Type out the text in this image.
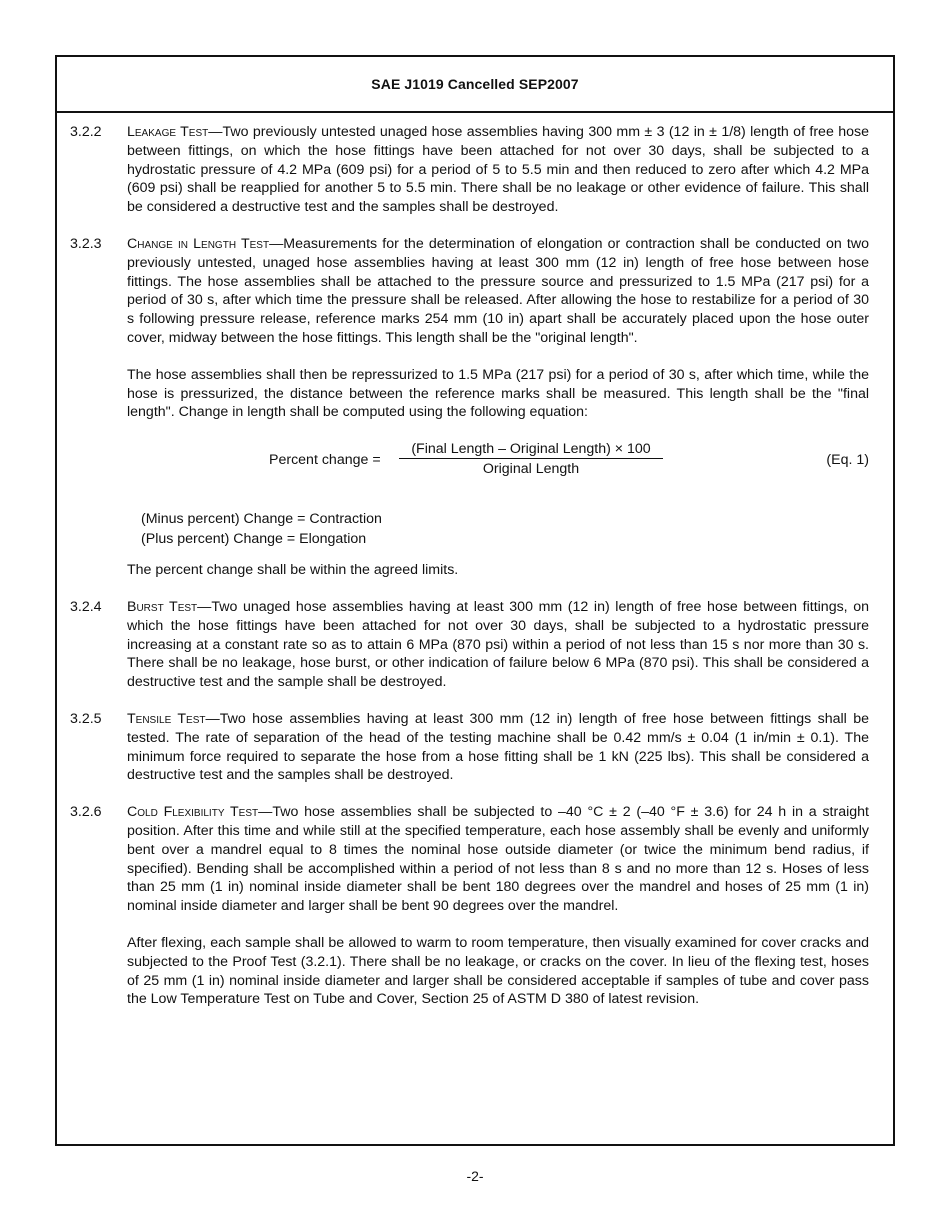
SAE J1019 Cancelled SEP2007
3.2.2	Leakage Test—Two previously untested unaged hose assemblies having 300 mm ± 3 (12 in ± 1/8) length of free hose between fittings, on which the hose fittings have been attached for not over 30 days, shall be subjected to a hydrostatic pressure of 4.2 MPa (609 psi) for a period of 5 to 5.5 min and then reduced to zero after which 4.2 MPa (609 psi) shall be reapplied for another 5 to 5.5 min. There shall be no leakage or other evidence of failure. This shall be considered a destructive test and the samples shall be destroyed.

3.2.3	Change in Length Test—Measurements for the determination of elongation or contraction shall be conducted on two previously untested, unaged hose assemblies having at least 300 mm (12 in) length of free hose between hose fittings. The hose assemblies shall be attached to the pressure source and pressurized to 1.5 MPa (217 psi) for a period of 30 s, after which time the pressure shall be released. After allowing the hose to restabilize for a period of 30 s following pressure release, reference marks 254 mm (10 in) apart shall be accurately placed upon the hose outer cover, midway between the hose fittings. This length shall be the "original length".

The hose assemblies shall then be repressurized to 1.5 MPa (217 psi) for a period of 30 s, after which time, while the hose is pressurized, the distance between the reference marks shall be measured. This length shall be the "final length". Change in length shall be computed using the following equation:

Percent change =
(Final Length – Original Length) × 100
Original Length
(Eq. 1)
(Minus percent) Change = Contraction
(Plus percent) Change = Elongation

The percent change shall be within the agreed limits.

3.2.4	Burst Test—Two unaged hose assemblies having at least 300 mm (12 in) length of free hose between fittings, on which the hose fittings have been attached for not over 30 days, shall be subjected to a hydrostatic pressure increasing at a constant rate so as to attain 6 MPa (870 psi) within a period of not less than 15 s nor more than 30 s. There shall be no leakage, hose burst, or other indication of failure below 6 MPa (870 psi). This shall be considered a destructive test and the sample shall be destroyed.

3.2.5	Tensile Test—Two hose assemblies having at least 300 mm (12 in) length of free hose between fittings shall be tested. The rate of separation of the head of the testing machine shall be 0.42 mm/s ± 0.04 (1 in/min ± 0.1). The minimum force required to separate the hose from a hose fitting shall be 1 kN (225 lbs). This shall be considered a destructive test and the samples shall be destroyed.

3.2.6	Cold Flexibility Test—Two hose assemblies shall be subjected to –40 °C ± 2 (–40 °F ± 3.6) for 24 h in a straight position. After this time and while still at the specified temperature, each hose assembly shall be evenly and uniformly bent over a mandrel equal to 8 times the nominal hose outside diameter (or twice the minimum bend radius, if specified). Bending shall be accomplished within a period of not less than 8 s and no more than 12 s. Hoses of less than 25 mm (1 in) nominal inside diameter shall be bent 180 degrees over the mandrel and hoses of 25 mm (1 in) nominal inside diameter and larger shall be bent 90 degrees over the mandrel.

After flexing, each sample shall be allowed to warm to room temperature, then visually examined for cover cracks and subjected to the Proof Test (3.2.1). There shall be no leakage, or cracks on the cover. In lieu of the flexing test, hoses of 25 mm (1 in) nominal inside diameter and larger shall be considered acceptable if samples of tube and cover pass the Low Temperature Test on Tube and Cover, Section 25 of ASTM D 380 of latest revision.

-2-
